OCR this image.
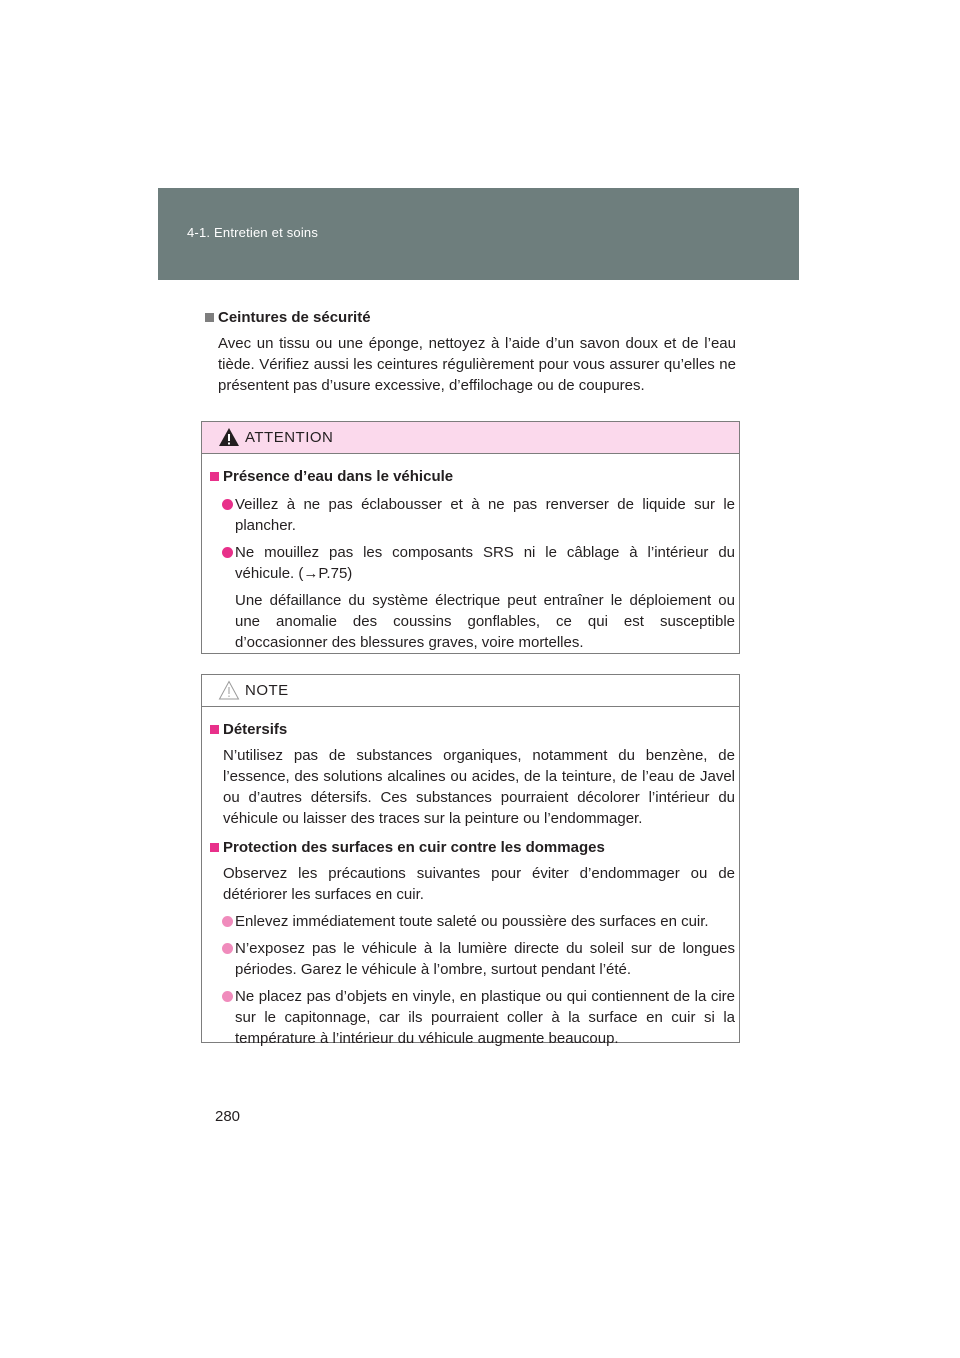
4-1. Entretien et soins
Ceintures de sécurité
Avec un tissu ou une éponge, nettoyez à l’aide d’un savon doux et de l’eau tiède. Vérifiez aussi les ceintures régulièrement pour vous assurer qu’elles ne présentent pas d’usure excessive, d’effilochage ou de coupures.
ATTENTION
Présence d’eau dans le véhicule
Veillez à ne pas éclabousser et à ne pas renverser de liquide sur le plancher.
Ne mouillez pas les composants SRS ni le câblage à l’intérieur du véhicule. (→P.75)
Une défaillance du système électrique peut entraîner le déploiement ou une anomalie des coussins gonflables, ce qui est susceptible d’occasionner des blessures graves, voire mortelles.
NOTE
Détersifs
N’utilisez pas de substances organiques, notamment du benzène, de l’essence, des solutions alcalines ou acides, de la teinture, de l’eau de Javel ou d’autres détersifs. Ces substances pourraient décolorer l’intérieur du véhicule ou laisser des traces sur la peinture ou l’endommager.
Protection des surfaces en cuir contre les dommages
Observez les précautions suivantes pour éviter d’endommager ou de détériorer les surfaces en cuir.
Enlevez immédiatement toute saleté ou poussière des surfaces en cuir.
N’exposez pas le véhicule à la lumière directe du soleil sur de longues périodes. Garez le véhicule à l’ombre, surtout pendant l’été.
Ne placez pas d’objets en vinyle, en plastique ou qui contiennent de la cire sur le capitonnage, car ils pourraient coller à la surface en cuir si la température à l’intérieur du véhicule augmente beaucoup.
280
